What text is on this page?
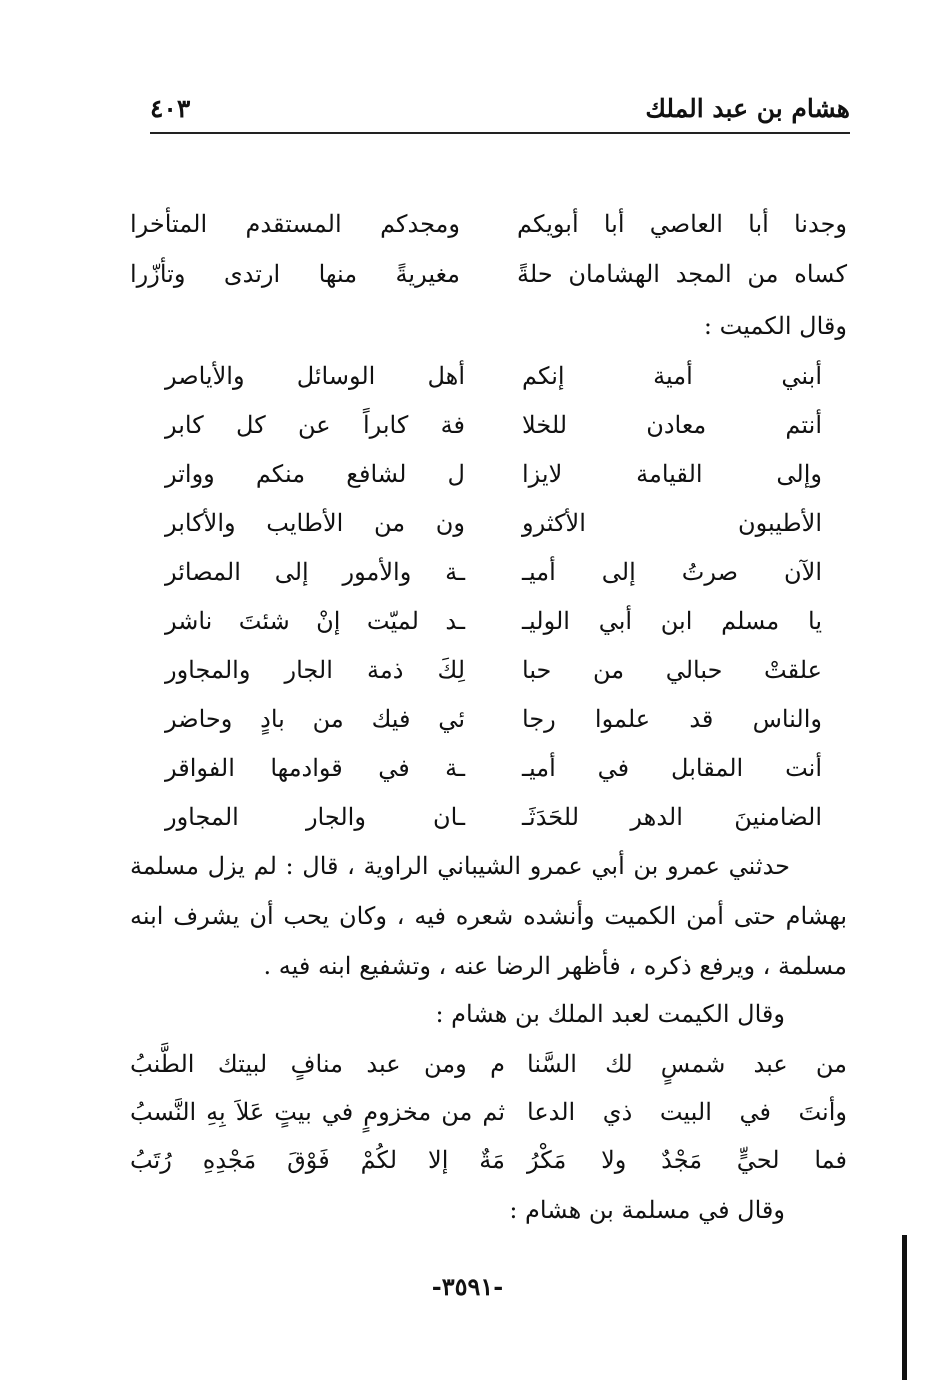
هشام بن عبد الملك
٤٠٣
وجدنا أبا العاصي أبا أبويكم
ومجدكم المستقدم المتأخرا
كساه من المجد الهشامان حلةً
مغيريةً منها ارتدى وتأزّرا
وقال الكميت :
أبني أمية إنكم
أهل الوسائل والأياصر
أنتم معادن للخلا
فة كابراً عن كل كابر
وإلى القيامة لايزا
ل لشافع منكم وواتر
الأطيبون الأكثرو
ون من الأطايب والأكابر
الآن صرتُ إلى أميـ
ـة والأمور إلى المصائر
يا مسلم ابن أبي الوليـ
ـد لميّت إنْ شئتَ ناشر
علقتْ حبالي من حبا
لِكَ ذمة الجار والمجاور
والناس قد علموا رجا
ئي فيك من بادٍ وحاضر
أنت المقابل في أميـ
ـة في قوادمها الفواقر
الضامنينَ الدهر للحَدَثَـ
ـان والجار المجاور
حدثني عمرو بن أبي عمرو الشيباني الراوية ، قال : لم يزل مسلمة
بهشام حتى أمن الكميت وأنشده شعره فيه ، وكان يحب أن يشرف ابنه
مسلمة ، ويرفع ذكره ، فأظهر الرضا عنه ، وتشفيع ابنه فيه .
وقال الكيمت لعبد الملك بن هشام :
من عبد شمسٍ لك السَّنا
م ومن عبد منافٍ لبيتك الطَّنبُ
وأنتَ في البيت ذي الدعا
ثم من مخزومٍ في بيتٍ عَلاَ بِهِ النَّسبُ
فما لحيٍّ مَجْدٌ ولا مَكْرُ
مَةٌ إلا لكُمْ فَوْقَ مَجْدِهِ رُتَبُ
وقال في مسلمة بن هشام :
-٣٥٩١-
